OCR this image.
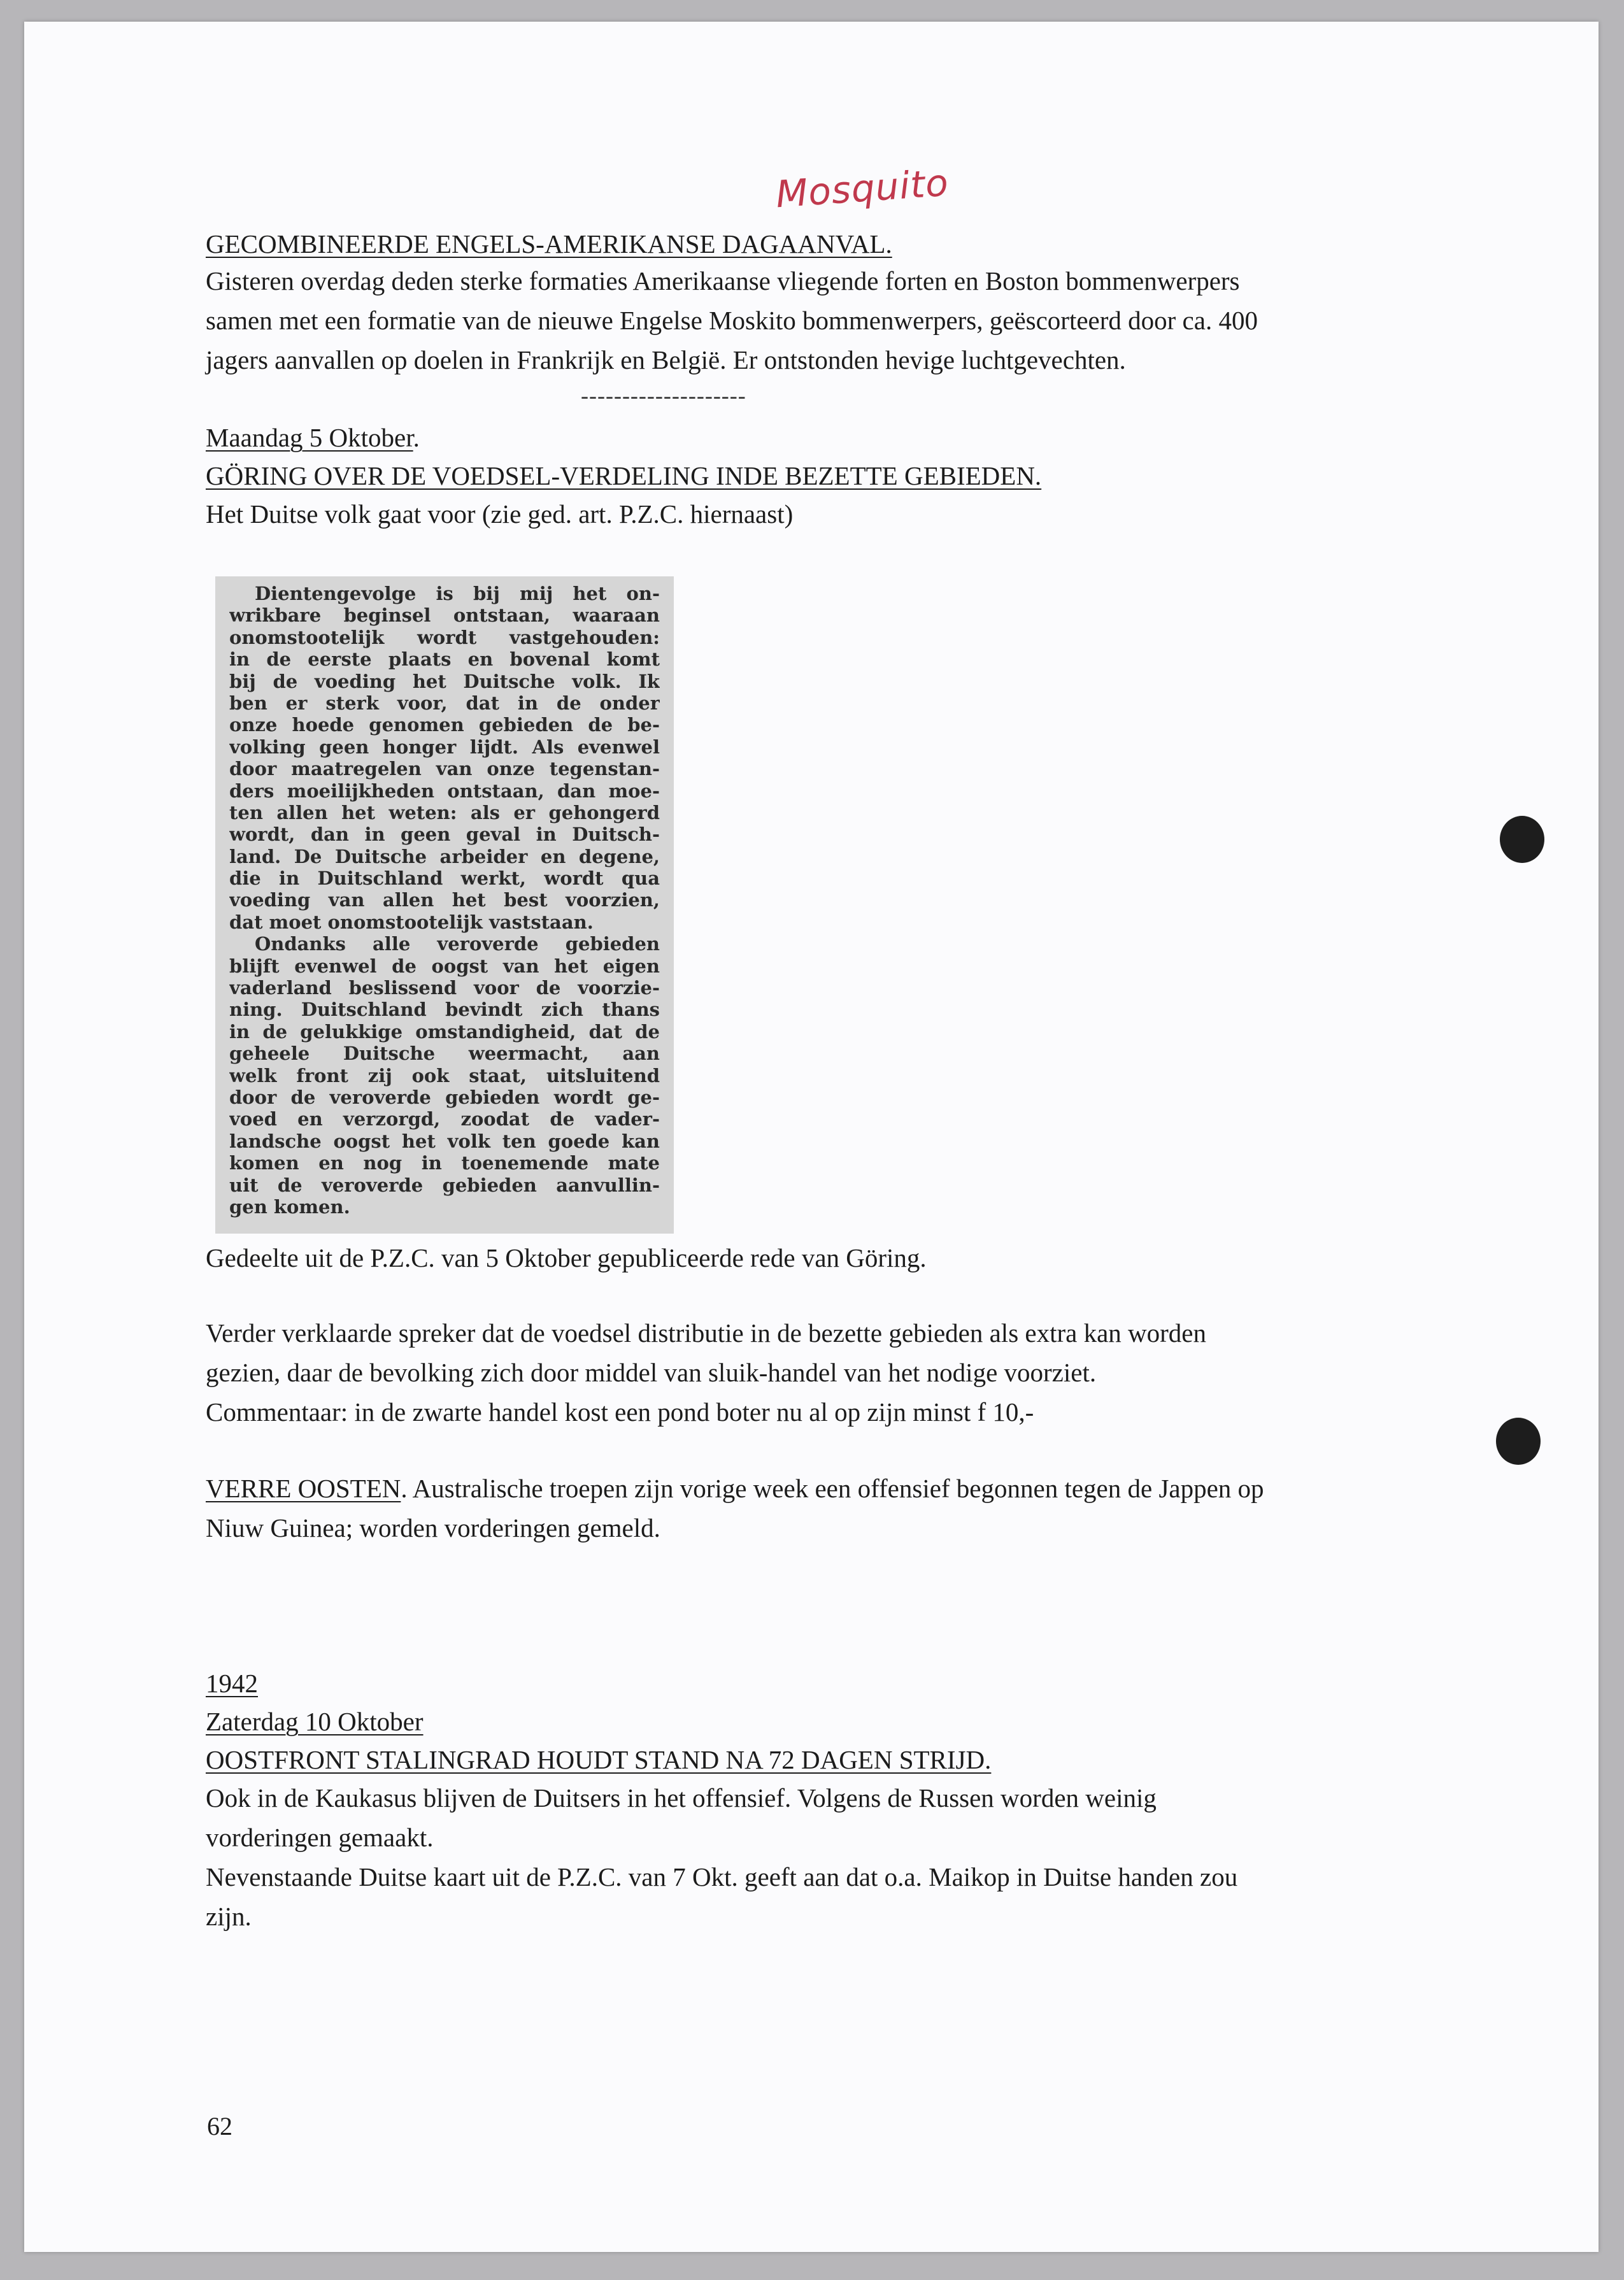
Mosquito

GECOMBINEERDE ENGELS-AMERIKANSE DAGAANVAL.

Gisteren overdag deden sterke formaties Amerikaanse vliegende forten en Boston bommenwerpers

samen met een formatie van de nieuwe Engelse Moskito bommenwerpers, geëscorteerd door ca. 400

jagers aanvallen op doelen in Frankrijk en België. Er ontstonden hevige luchtgevechten.

--------------------

Maandag 5 Oktober.

GÖRING OVER DE VOEDSEL-VERDELING INDE BEZETTE GEBIEDEN.

Het Duitse volk gaat voor (zie ged. art. P.Z.C. hiernaast)

Dientengevolge is bij mij het on-
wrikbare beginsel ontstaan, waaraan
onomstootelijk wordt vastgehouden:
in de eerste plaats en bovenal komt
bij de voeding het Duitsche volk. Ik
ben er sterk voor, dat in de onder
onze hoede genomen gebieden de be-
volking geen honger lijdt. Als evenwel
door maatregelen van onze tegenstan-
ders moeilijkheden ontstaan, dan moe-
ten allen het weten: als er gehongerd
wordt, dan in geen geval in Duitsch-
land. De Duitsche arbeider en degene,
die in Duitschland werkt, wordt qua
voeding van allen het best voorzien,
dat moet onomstootelijk vaststaan.
Ondanks alle veroverde gebieden
blijft evenwel de oogst van het eigen
vaderland beslissend voor de voorzie-
ning. Duitschland bevindt zich thans
in de gelukkige omstandigheid, dat de
geheele Duitsche weermacht, aan
welk front zij ook staat, uitsluitend
door de veroverde gebieden wordt ge-
voed en verzorgd, zoodat de vader-
landsche oogst het volk ten goede kan
komen en nog in toenemende mate
uit de veroverde gebieden aanvullin-
gen komen.

Gedeelte uit de P.Z.C. van 5 Oktober gepubliceerde rede van Göring.

Verder verklaarde spreker dat de voedsel distributie in de bezette gebieden als extra kan worden

gezien, daar de bevolking zich door middel van sluik-handel van het nodige voorziet.

Commentaar: in de zwarte handel kost een pond boter nu al op zijn minst f 10,-

VERRE OOSTEN. Australische troepen zijn vorige week een offensief begonnen tegen de Jappen op

Niuw Guinea; worden vorderingen gemeld.

1942

Zaterdag 10 Oktober

OOSTFRONT STALINGRAD HOUDT STAND NA 72 DAGEN STRIJD.

Ook in de Kaukasus blijven de Duitsers in het offensief. Volgens de Russen worden weinig

vorderingen gemaakt.

Nevenstaande Duitse kaart uit de P.Z.C. van 7 Okt. geeft aan dat o.a. Maikop in Duitse handen zou

zijn.

62
